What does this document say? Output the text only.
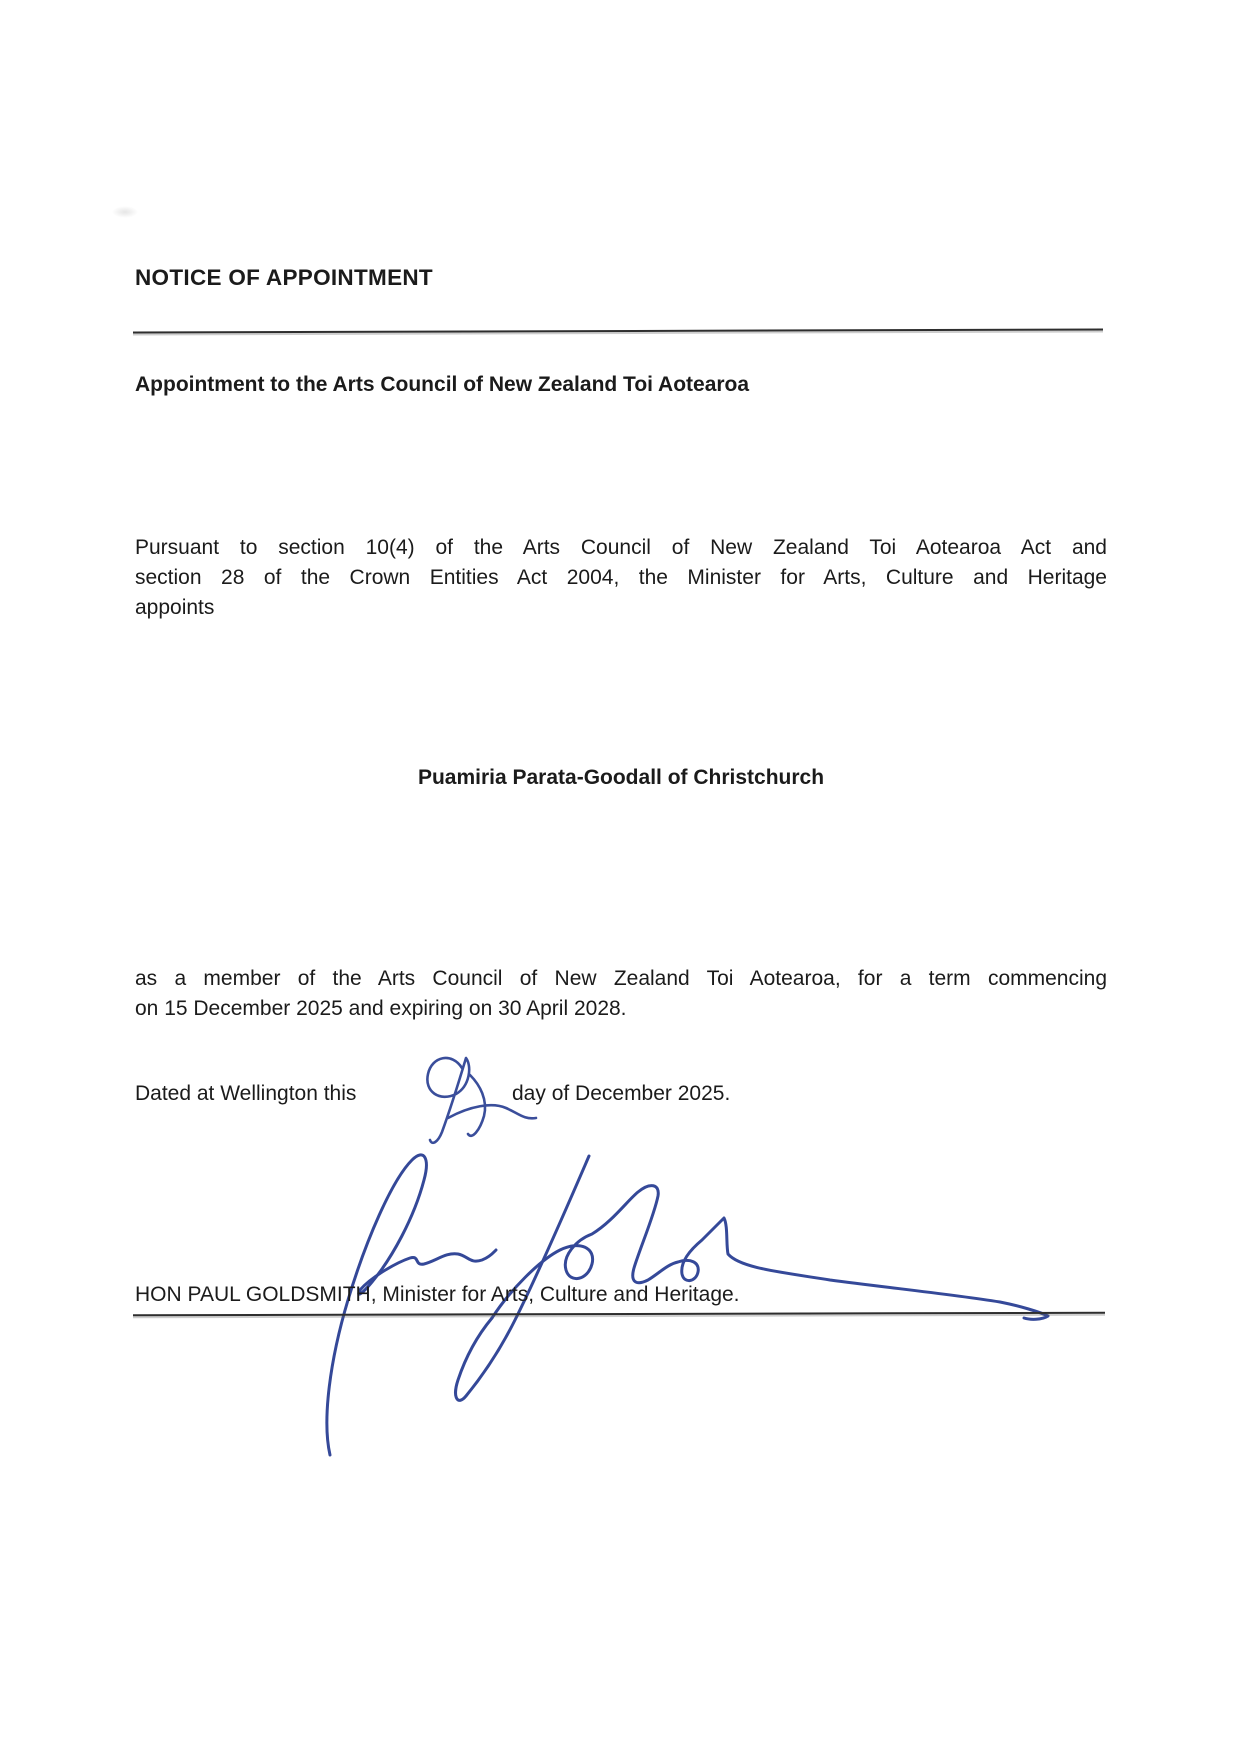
NOTICE OF APPOINTMENT
Appointment to the Arts Council of New Zealand Toi Aotearoa
Pursuant to section 10(4) of the Arts Council of New Zealand Toi Aotearoa Act and
section 28 of the Crown Entities Act 2004, the Minister for Arts, Culture and Heritage
appoints
Puamiria Parata-Goodall of Christchurch
as a member of the Arts Council of New Zealand Toi Aotearoa, for a term commencing
on 15 December 2025 and expiring on 30 April 2028.
Dated at Wellington this	day of December 2025.
HON PAUL GOLDSMITH, Minister for Arts, Culture and Heritage.
